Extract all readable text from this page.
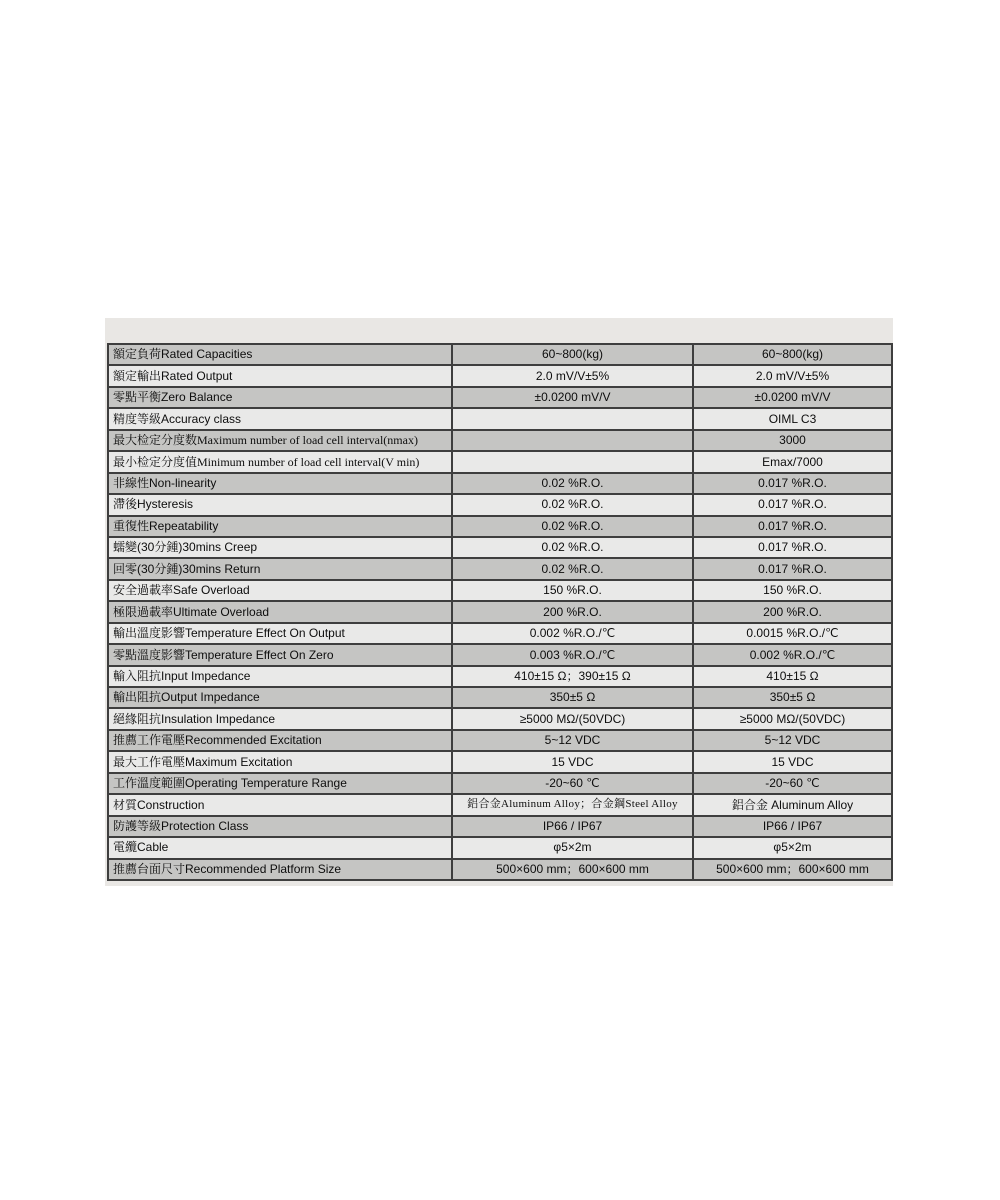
額定負荷Rated Capacities	60~800(kg)	60~800(kg)
額定輸出Rated Output	2.0 mV/V±5%	2.0 mV/V±5%
零點平衡Zero Balance	±0.0200 mV/V	±0.0200 mV/V
精度等級Accuracy class		OIML C3
最大检定分度数Maximum number of load cell interval(nmax)		3000
最小检定分度值Minimum number of load cell interval(V min)		Emax/7000
非線性Non-linearity	0.02 %R.O.	0.017 %R.O.
滯後Hysteresis	0.02 %R.O.	0.017 %R.O.
重復性Repeatability	0.02 %R.O.	0.017 %R.O.
蠕變(30分鍾)30mins Creep	0.02 %R.O.	0.017 %R.O.
回零(30分鍾)30mins Return	0.02 %R.O.	0.017 %R.O.
安全過載率Safe Overload	150 %R.O.	150 %R.O.
極限過載率Ultimate Overload	200 %R.O.	200 %R.O.
輸出溫度影響Temperature Effect On Output	0.002 %R.O./℃	0.0015 %R.O./℃
零點溫度影響Temperature Effect On Zero	0.003 %R.O./℃	0.002 %R.O./℃
輸入阻抗Input Impedance	410±15 Ω；390±15 Ω	410±15 Ω
輸出阻抗Output Impedance	350±5 Ω	350±5 Ω
絕緣阻抗Insulation Impedance	≥5000 MΩ/(50VDC)	≥5000 MΩ/(50VDC)
推薦工作電壓Recommended Excitation	5~12 VDC	5~12 VDC
最大工作電壓Maximum Excitation	15 VDC	15 VDC
工作溫度範圍Operating Temperature Range	-20~60 ℃	-20~60 ℃
材質Construction	鋁合金Aluminum Alloy；合金鋼Steel Alloy	鋁合金 Aluminum Alloy
防護等級Protection Class	IP66 / IP67	IP66 / IP67
電纜Cable	φ5×2m	φ5×2m
推薦台面尺寸Recommended Platform Size	500×600 mm；600×600 mm	500×600 mm；600×600 mm
